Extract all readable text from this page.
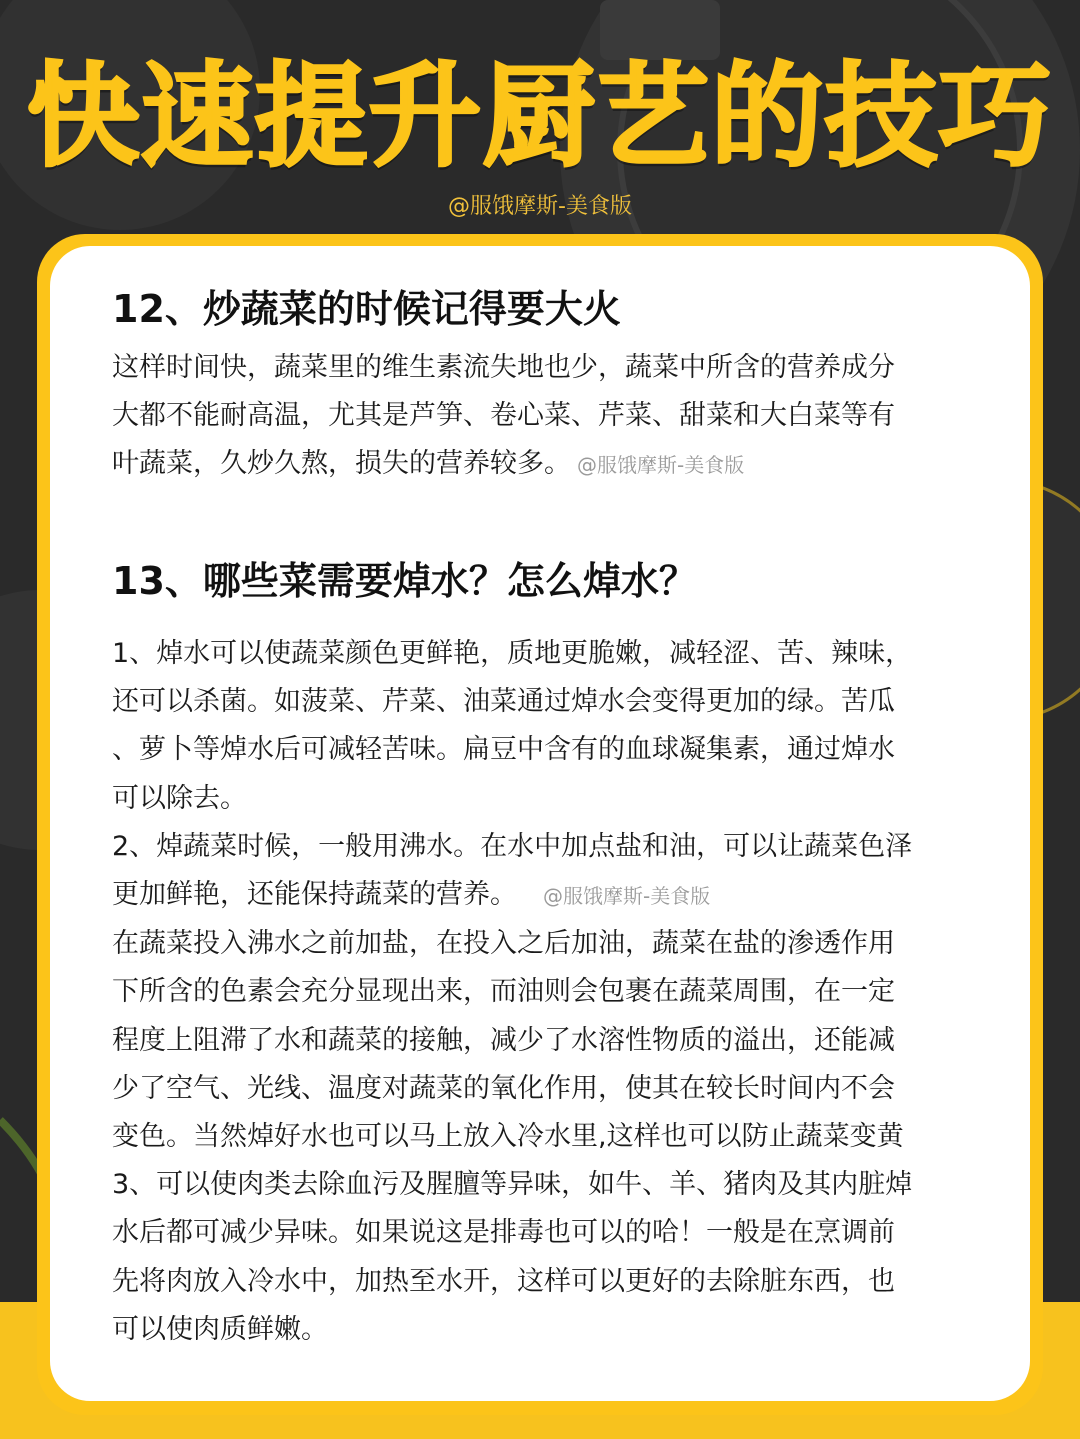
快速提升厨艺的技巧
@服饿摩斯-美食版
12、炒蔬菜的时候记得要大火
这样时间快，蔬菜里的维生素流失地也少，蔬菜中所含的营养成分
大都不能耐高温，尤其是芦笋、卷心菜、芹菜、甜菜和大白菜等有
叶蔬菜，久炒久熬，损失的营养较多。 @服饿摩斯-美食版
13、哪些菜需要焯水？怎么焯水？
1、焯水可以使蔬菜颜色更鲜艳，质地更脆嫩，减轻涩、苦、辣味，
还可以杀菌。如菠菜、芹菜、油菜通过焯水会变得更加的绿。苦瓜
、萝卜等焯水后可减轻苦味。扁豆中含有的血球凝集素，通过焯水
可以除去。
2、焯蔬菜时候，一般用沸水。在水中加点盐和油，可以让蔬菜色泽
更加鲜艳，还能保持蔬菜的营养。 @服饿摩斯-美食版
在蔬菜投入沸水之前加盐，在投入之后加油，蔬菜在盐的渗透作用
下所含的色素会充分显现出来，而油则会包裹在蔬菜周围，在一定
程度上阻滞了水和蔬菜的接触，减少了水溶性物质的溢出，还能减
少了空气、光线、温度对蔬菜的氧化作用，使其在较长时间内不会
变色。当然焯好水也可以马上放入冷水里,这样也可以防止蔬菜变黄
3、可以使肉类去除血污及腥膻等异味，如牛、羊、猪肉及其内脏焯
水后都可减少异味。如果说这是排毒也可以的哈！一般是在烹调前
先将肉放入冷水中，加热至水开，这样可以更好的去除脏东西，也
可以使肉质鲜嫩。
